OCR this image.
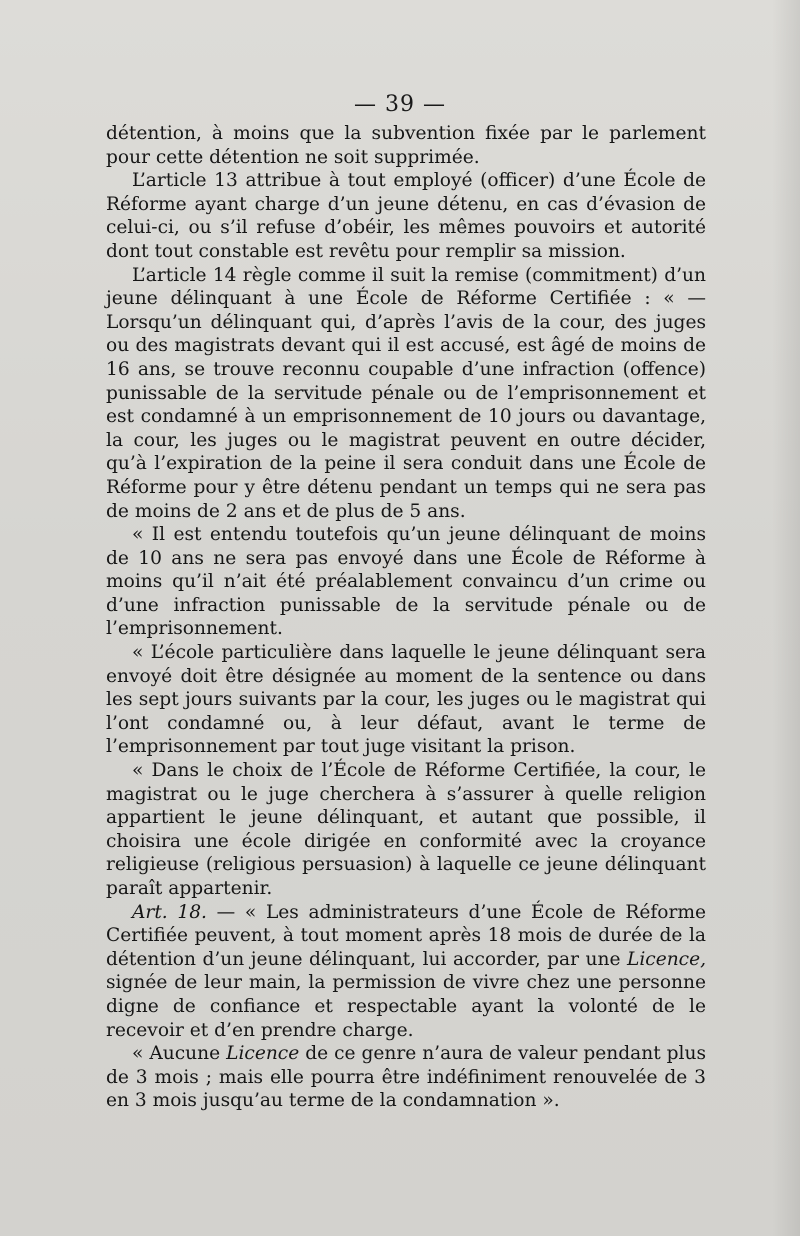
— 39 —

détention, à moins que la subvention fixée par le parlement pour cette détention ne soit supprimée.

L’article 13 attribue à tout employé (officer) d’une École de Réforme ayant charge d’un jeune détenu, en cas d’évasion de celui-ci, ou s’il refuse d’obéir, les mêmes pouvoirs et autorité dont tout constable est revêtu pour remplir sa mission.

L’article 14 règle comme il suit la remise (commitment) d’un jeune délinquant à une École de Réforme Certifiée : « — Lorsqu’un délinquant qui, d’après l’avis de la cour, des juges ou des magistrats devant qui il est accusé, est âgé de moins de 16 ans, se trouve reconnu coupable d’une infraction (offence) punissable de la servitude pénale ou de l’emprisonnement et est condamné à un emprisonnement de 10 jours ou davantage, la cour, les juges ou le magistrat peuvent en outre décider, qu’à l’expiration de la peine il sera conduit dans une École de Réforme pour y être détenu pendant un temps qui ne sera pas de moins de 2 ans et de plus de 5 ans.

« Il est entendu toutefois qu’un jeune délinquant de moins de 10 ans ne sera pas envoyé dans une École de Réforme à moins qu’il n’ait été préalablement convaincu d’un crime ou d’une infraction punissable de la servitude pénale ou de l’emprisonnement.

« L’école particulière dans laquelle le jeune délinquant sera envoyé doit être désignée au moment de la sentence ou dans les sept jours suivants par la cour, les juges ou le magistrat qui l’ont condamné ou, à leur défaut, avant le terme de l’emprisonnement par tout juge visitant la prison.

« Dans le choix de l’École de Réforme Certifiée, la cour, le magistrat ou le juge cherchera à s’assurer à quelle religion appartient le jeune délinquant, et autant que possible, il choisira une école dirigée en conformité avec la croyance religieuse (religious persuasion) à laquelle ce jeune délinquant paraît appartenir.

Art. 18. — « Les administrateurs d’une École de Réforme Certifiée peuvent, à tout moment après 18 mois de durée de la détention d’un jeune délinquant, lui accorder, par une Licence, signée de leur main, la permission de vivre chez une personne digne de confiance et respectable ayant la volonté de le recevoir et d’en prendre charge.

« Aucune Licence de ce genre n’aura de valeur pendant plus de 3 mois ; mais elle pourra être indéfiniment renouvelée de 3 en 3 mois jusqu’au terme de la condamnation ».
